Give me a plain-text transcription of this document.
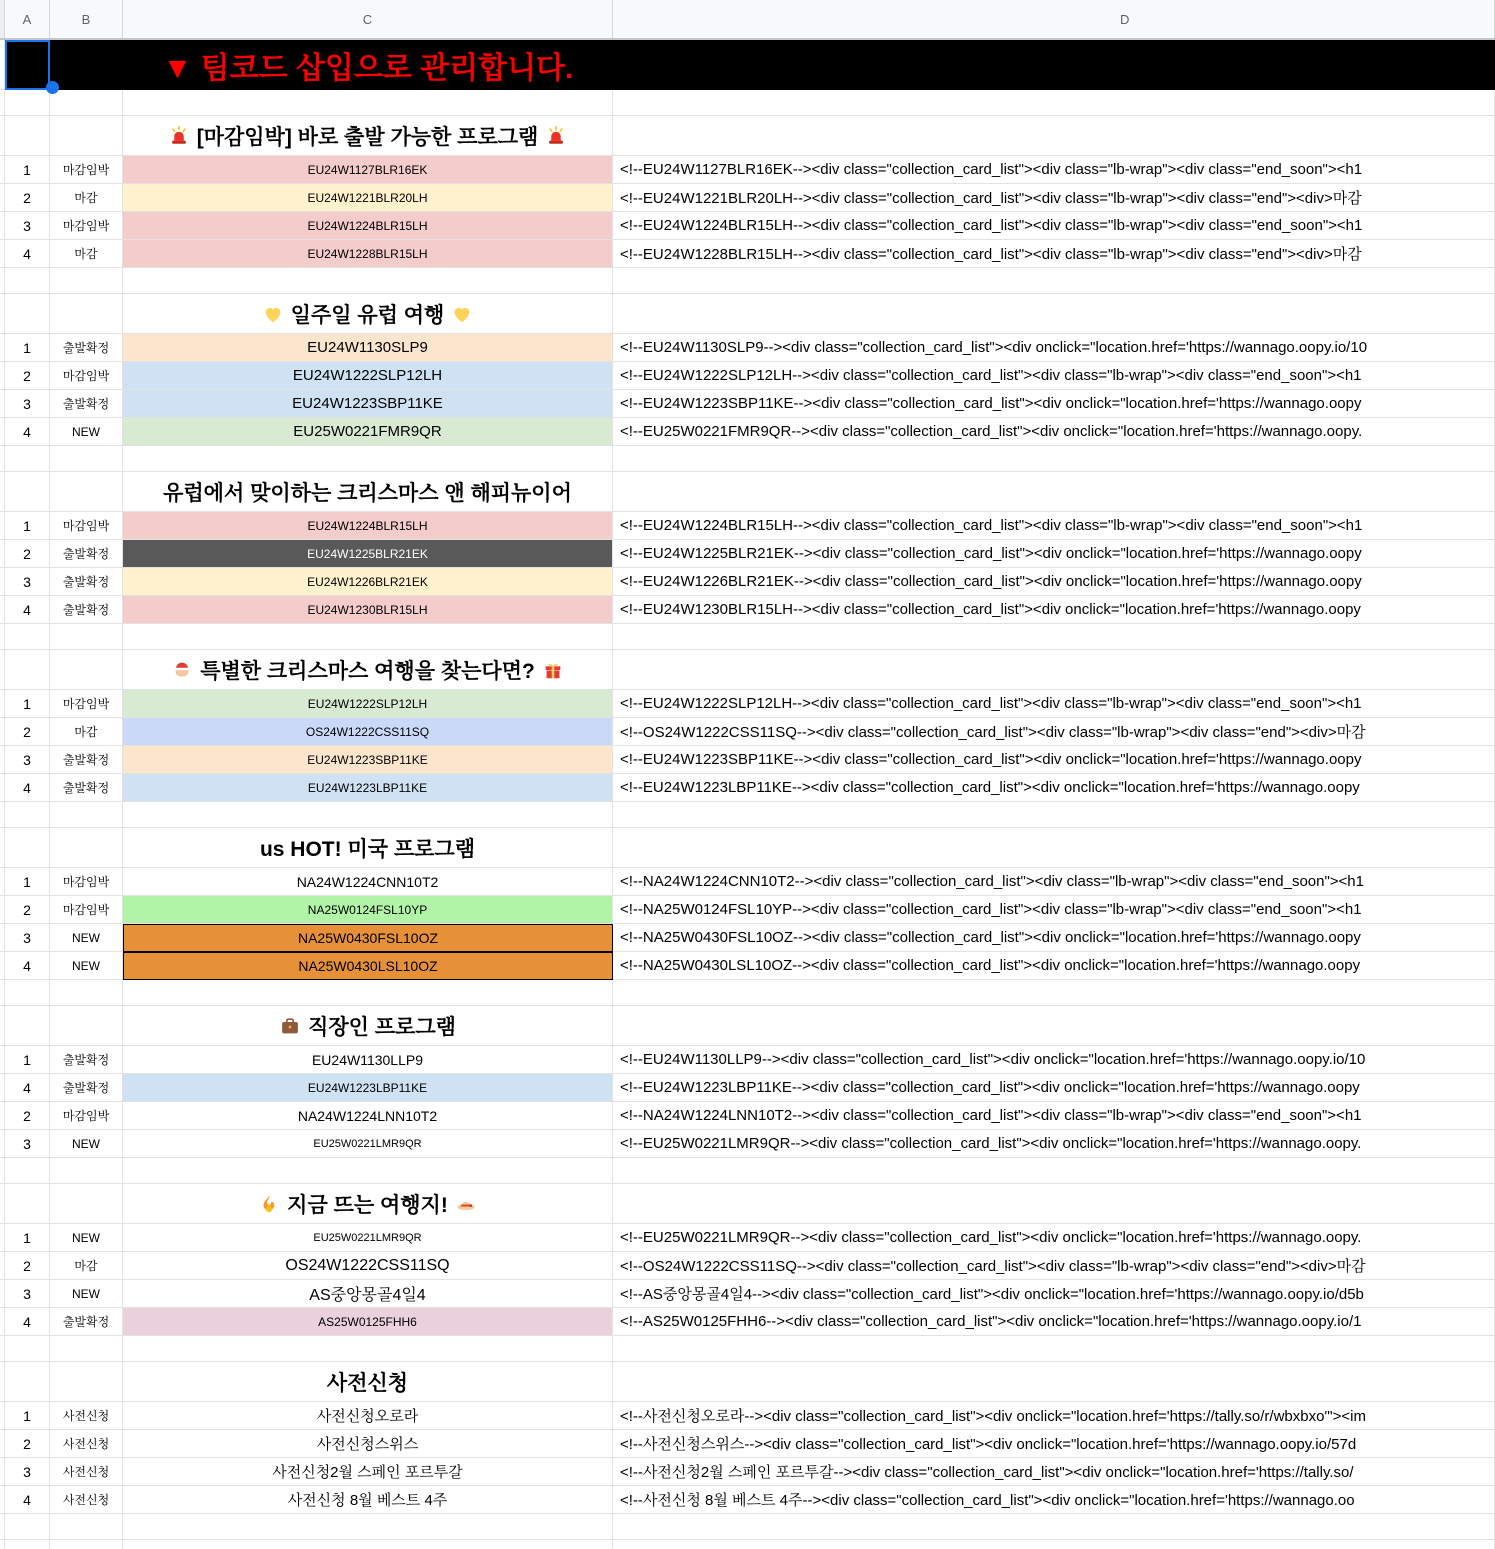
A	B	C	D
▼ 팀코드 삽입으로 관리합니다.
[마감임박] 바로 출발 가능한 프로그램
1	마감임박	EU24W1127BLR16EK	<!--EU24W1127BLR16EK--><div class="collection_card_list"><div class="lb-wrap"><div class="end_soon"><h1
2	마감	EU24W1221BLR20LH	<!--EU24W1221BLR20LH--><div class="collection_card_list"><div class="lb-wrap"><div class="end"><div>마감
3	마감임박	EU24W1224BLR15LH	<!--EU24W1224BLR15LH--><div class="collection_card_list"><div class="lb-wrap"><div class="end_soon"><h1
4	마감	EU24W1228BLR15LH	<!--EU24W1228BLR15LH--><div class="collection_card_list"><div class="lb-wrap"><div class="end"><div>마감
일주일 유럽 여행
1	출발확정	EU24W1130SLP9	<!--EU24W1130SLP9--><div class="collection_card_list"><div onclick="location.href='https://wannago.oopy.io/10
2	마감임박	EU24W1222SLP12LH	<!--EU24W1222SLP12LH--><div class="collection_card_list"><div class="lb-wrap"><div class="end_soon"><h1
3	출발확정	EU24W1223SBP11KE	<!--EU24W1223SBP11KE--><div class="collection_card_list"><div onclick="location.href='https://wannago.oopy
4	NEW	EU25W0221FMR9QR	<!--EU25W0221FMR9QR--><div class="collection_card_list"><div onclick="location.href='https://wannago.oopy.
유럽에서 맞이하는 크리스마스 앤 해피뉴이어
1	마감임박	EU24W1224BLR15LH	<!--EU24W1224BLR15LH--><div class="collection_card_list"><div class="lb-wrap"><div class="end_soon"><h1
2	출발확정	EU24W1225BLR21EK	<!--EU24W1225BLR21EK--><div class="collection_card_list"><div onclick="location.href='https://wannago.oopy
3	출발확정	EU24W1226BLR21EK	<!--EU24W1226BLR21EK--><div class="collection_card_list"><div onclick="location.href='https://wannago.oopy
4	출발확정	EU24W1230BLR15LH	<!--EU24W1230BLR15LH--><div class="collection_card_list"><div onclick="location.href='https://wannago.oopy
특별한 크리스마스 여행을 찾는다면?
1	마감임박	EU24W1222SLP12LH	<!--EU24W1222SLP12LH--><div class="collection_card_list"><div class="lb-wrap"><div class="end_soon"><h1
2	마감	OS24W1222CSS11SQ	<!--OS24W1222CSS11SQ--><div class="collection_card_list"><div class="lb-wrap"><div class="end"><div>마감
3	출발확정	EU24W1223SBP11KE	<!--EU24W1223SBP11KE--><div class="collection_card_list"><div onclick="location.href='https://wannago.oopy
4	출발확정	EU24W1223LBP11KE	<!--EU24W1223LBP11KE--><div class="collection_card_list"><div onclick="location.href='https://wannago.oopy
us HOT! 미국 프로그램
1	마감임박	NA24W1224CNN10T2	<!--NA24W1224CNN10T2--><div class="collection_card_list"><div class="lb-wrap"><div class="end_soon"><h1
2	마감임박	NA25W0124FSL10YP	<!--NA25W0124FSL10YP--><div class="collection_card_list"><div class="lb-wrap"><div class="end_soon"><h1
3	NEW	NA25W0430FSL10OZ	<!--NA25W0430FSL10OZ--><div class="collection_card_list"><div onclick="location.href='https://wannago.oopy
4	NEW	NA25W0430LSL10OZ	<!--NA25W0430LSL10OZ--><div class="collection_card_list"><div onclick="location.href='https://wannago.oopy
직장인 프로그램
1	출발확정	EU24W1130LLP9	<!--EU24W1130LLP9--><div class="collection_card_list"><div onclick="location.href='https://wannago.oopy.io/10
4	출발확정	EU24W1223LBP11KE	<!--EU24W1223LBP11KE--><div class="collection_card_list"><div onclick="location.href='https://wannago.oopy
2	마감임박	NA24W1224LNN10T2	<!--NA24W1224LNN10T2--><div class="collection_card_list"><div class="lb-wrap"><div class="end_soon"><h1
3	NEW	EU25W0221LMR9QR	<!--EU25W0221LMR9QR--><div class="collection_card_list"><div onclick="location.href='https://wannago.oopy.
지금 뜨는 여행지!
1	NEW	EU25W0221LMR9QR	<!--EU25W0221LMR9QR--><div class="collection_card_list"><div onclick="location.href='https://wannago.oopy.
2	마감	OS24W1222CSS11SQ	<!--OS24W1222CSS11SQ--><div class="collection_card_list"><div class="lb-wrap"><div class="end"><div>마감
3	NEW	AS중앙몽골4일4	<!--AS중앙몽골4일4--><div class="collection_card_list"><div onclick="location.href='https://wannago.oopy.io/d5b
4	출발확정	AS25W0125FHH6	<!--AS25W0125FHH6--><div class="collection_card_list"><div onclick="location.href='https://wannago.oopy.io/1
사전신청
1	사전신청	사전신청오로라	<!--사전신청오로라--><div class="collection_card_list"><div onclick="location.href='https://tally.so/r/wbxbxo'"><im
2	사전신청	사전신청스위스	<!--사전신청스위스--><div class="collection_card_list"><div onclick="location.href='https://wannago.oopy.io/57d
3	사전신청	사전신청2월 스페인 포르투갈	<!--사전신청2월 스페인 포르투갈--><div class="collection_card_list"><div onclick="location.href='https://tally.so/
4	사전신청	사전신청 8월 베스트 4주	<!--사전신청 8월 베스트 4주--><div class="collection_card_list"><div onclick="location.href='https://wannago.oo
